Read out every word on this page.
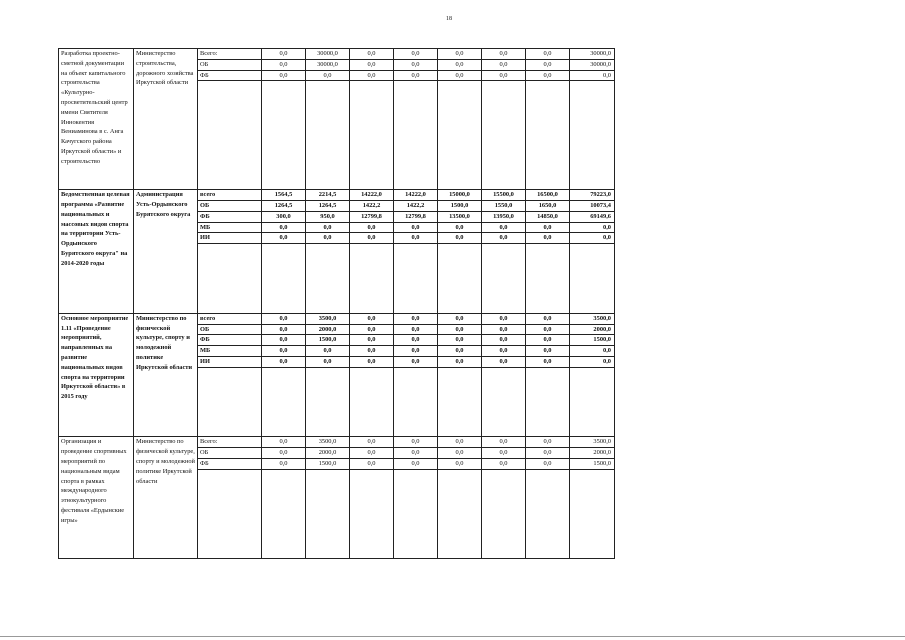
18
Разработка проектно-сметной документации на объект капитального строительства «Культурно-просветительский центр имени Святителя Иннокентия Вениаминова в с. Анга Качугского района Иркутской области» и строительство	Министерство строительства, дорожного хозяйства Иркутской области	Всего:	0,0	30000,0	0,0	0,0	0,0	0,0	0,0	30000,0
		ОБ	0,0	30000,0	0,0	0,0	0,0	0,0	0,0	30000,0
		ФБ	0,0	0,0	0,0	0,0	0,0	0,0	0,0	0,0

Ведомственная целевая программа «Развитие национальных и массовых видов спорта на территории Усть-Ордынского Бурятского округа" на 2014-2020 годы	Администрация Усть-Ордынского Бурятского округа	всего	1564,5	2214,5	14222,0	14222,0	15000,0	15500,0	16500,0	79223,0
		ОБ	1264,5	1264,5	1422,2	1422,2	1500,0	1550,0	1650,0	10073,4
		ФБ	300,0	950,0	12799,8	12799,8	13500,0	13950,0	14850,0	69149,6
		МБ	0,0	0,0	0,0	0,0	0,0	0,0	0,0	0,0
		ИИ	0,0	0,0	0,0	0,0	0,0	0,0	0,0	0,0

Основное мероприятие 1.11 «Проведение мероприятий, направленных на развитие национальных видов спорта на территории Иркутской области» в 2015 году	Министерство по физической культуре, спорту и молодежной политике Иркутской области	всего	0,0	3500,0	0,0	0,0	0,0	0,0	0,0	3500,0
		ОБ	0,0	2000,0	0,0	0,0	0,0	0,0	0,0	2000,0
		ФБ	0,0	1500,0	0,0	0,0	0,0	0,0	0,0	1500,0
		МБ	0,0	0,0	0,0	0,0	0,0	0,0	0,0	0,0
		ИИ	0,0	0,0	0,0	0,0	0,0	0,0	0,0	0,0

Организация и проведение спортивных мероприятий по национальным видам спорта в рамках международного этнокультурного фестиваля «Ердынские игры»	Министерство по физической культуре, спорту и молодежной политике Иркутской области	Всего:	0,0	3500,0	0,0	0,0	0,0	0,0	0,0	3500,0
		ОБ	0,0	2000,0	0,0	0,0	0,0	0,0	0,0	2000,0
		ФБ	0,0	1500,0	0,0	0,0	0,0	0,0	0,0	1500,0
